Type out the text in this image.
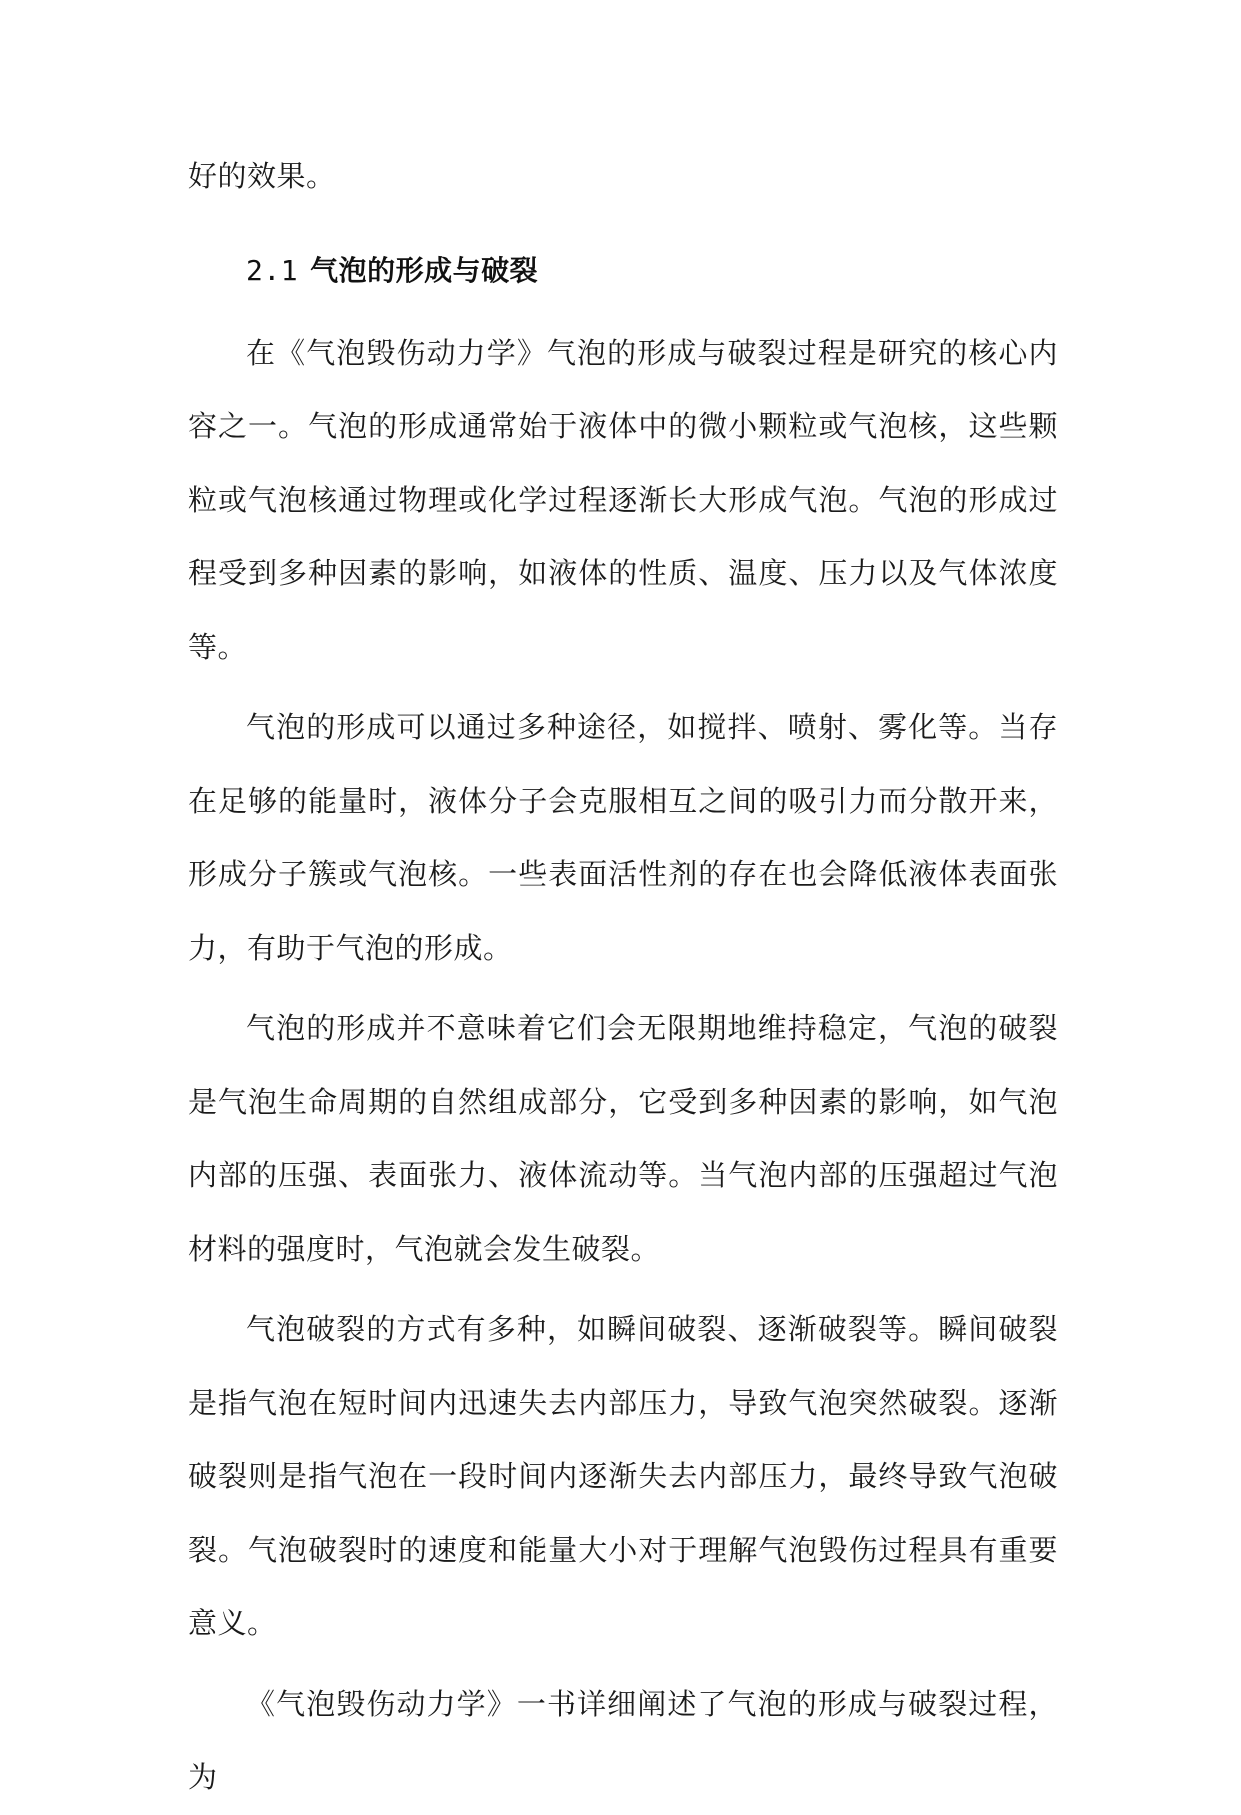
好的效果。

2.1 气泡的形成与破裂

在《气泡毁伤动力学》气泡的形成与破裂过程是研究的核心内容之一。气泡的形成通常始于液体中的微小颗粒或气泡核，这些颗粒或气泡核通过物理或化学过程逐渐长大形成气泡。气泡的形成过程受到多种因素的影响，如液体的性质、温度、压力以及气体浓度等。

气泡的形成可以通过多种途径，如搅拌、喷射、雾化等。当存在足够的能量时，液体分子会克服相互之间的吸引力而分散开来，形成分子簇或气泡核。一些表面活性剂的存在也会降低液体表面张力，有助于气泡的形成。

气泡的形成并不意味着它们会无限期地维持稳定，气泡的破裂是气泡生命周期的自然组成部分，它受到多种因素的影响，如气泡内部的压强、表面张力、液体流动等。当气泡内部的压强超过气泡材料的强度时，气泡就会发生破裂。

气泡破裂的方式有多种，如瞬间破裂、逐渐破裂等。瞬间破裂是指气泡在短时间内迅速失去内部压力，导致气泡突然破裂。逐渐破裂则是指气泡在一段时间内逐渐失去内部压力，最终导致气泡破裂。气泡破裂时的速度和能量大小对于理解气泡毁伤过程具有重要意义。

《气泡毁伤动力学》一书详细阐述了气泡的形成与破裂过程，为
